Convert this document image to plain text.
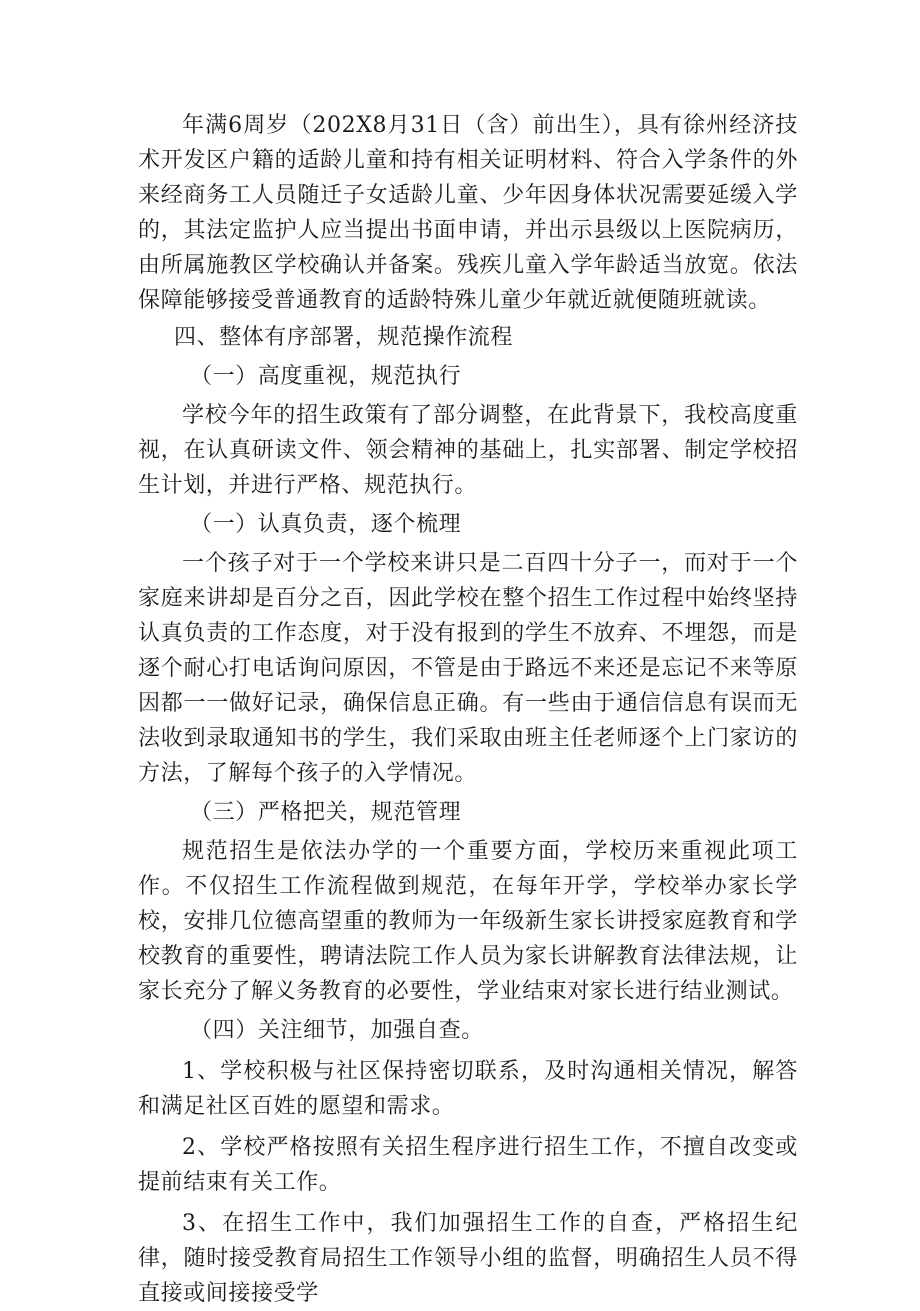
年满6周岁（202X8月31日（含）前出生），具有徐州经济技术开发区户籍的适龄儿童和持有相关证明材料、符合入学条件的外来经商务工人员随迁子女适龄儿童、少年因身体状况需要延缓入学的，其法定监护人应当提出书面申请，并出示县级以上医院病历，由所属施教区学校确认并备案。残疾儿童入学年龄适当放宽。依法保障能够接受普通教育的适龄特殊儿童少年就近就便随班就读。

四、整体有序部署，规范操作流程

（一）高度重视，规范执行

学校今年的招生政策有了部分调整，在此背景下，我校高度重视，在认真研读文件、领会精神的基础上，扎实部署、制定学校招生计划，并进行严格、规范执行。

（一）认真负责，逐个梳理

一个孩子对于一个学校来讲只是二百四十分子一，而对于一个家庭来讲却是百分之百，因此学校在整个招生工作过程中始终坚持认真负责的工作态度，对于没有报到的学生不放弃、不埋怨，而是逐个耐心打电话询问原因，不管是由于路远不来还是忘记不来等原因都一一做好记录，确保信息正确。有一些由于通信信息有误而无法收到录取通知书的学生，我们采取由班主任老师逐个上门家访的方法，了解每个孩子的入学情况。

（三）严格把关，规范管理

规范招生是依法办学的一个重要方面，学校历来重视此项工作。不仅招生工作流程做到规范，在每年开学，学校举办家长学校，安排几位德高望重的教师为一年级新生家长讲授家庭教育和学校教育的重要性，聘请法院工作人员为家长讲解教育法律法规，让家长充分了解义务教育的必要性，学业结束对家长进行结业测试。

（四）关注细节，加强自查。

1、学校积极与社区保持密切联系，及时沟通相关情况，解答和满足社区百姓的愿望和需求。

2、学校严格按照有关招生程序进行招生工作，不擅自改变或提前结束有关工作。

3、在招生工作中，我们加强招生工作的自查，严格招生纪律，随时接受教育局招生工作领导小组的监督，明确招生人员不得直接或间接接受学
